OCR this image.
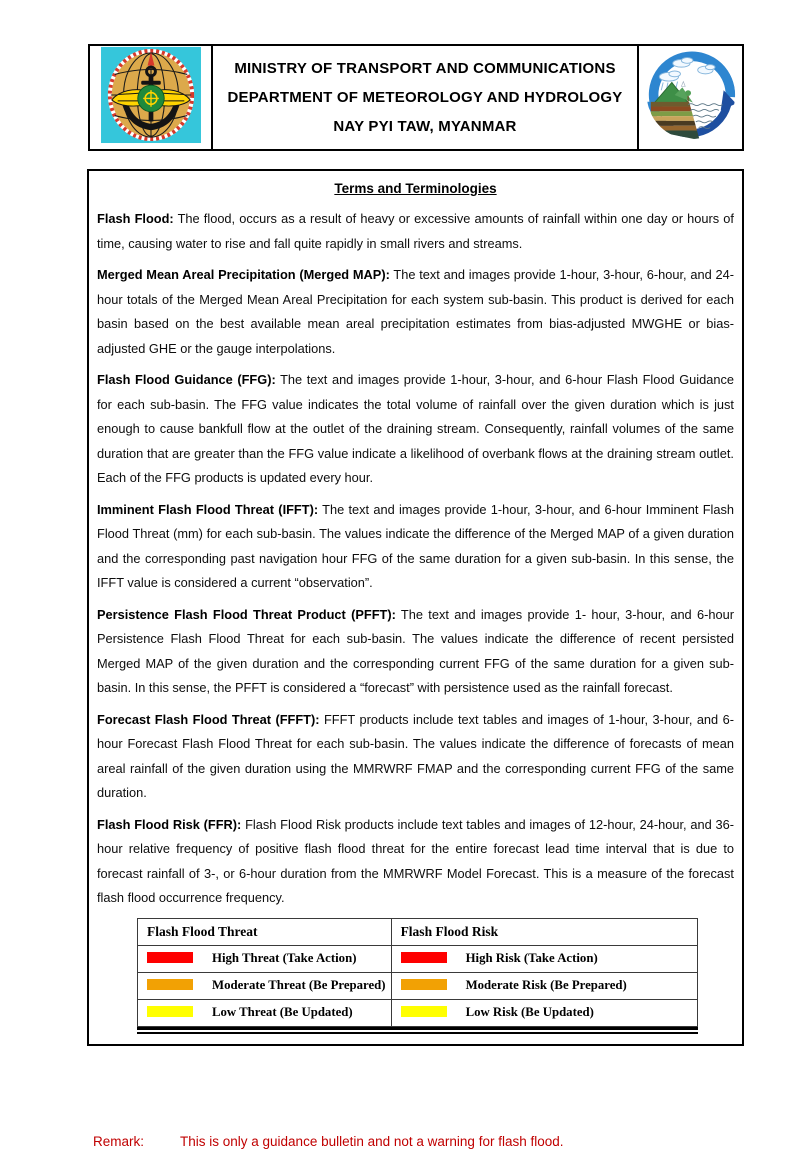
MINISTRY OF TRANSPORT AND COMMUNICATIONS
DEPARTMENT OF METEOROLOGY AND HYDROLOGY
NAY PYI TAW, MYANMAR

Terms and Terminologies

Flash Flood: The flood, occurs as a result of heavy or excessive amounts of rainfall within one day or hours of time, causing water to rise and fall quite rapidly in small rivers and streams.

Merged Mean Areal Precipitation (Merged MAP): The text and images provide 1-hour, 3-hour, 6-hour, and 24-hour totals of the Merged Mean Areal Precipitation for each system sub-basin. This product is derived for each basin based on the best available mean areal precipitation estimates from bias-adjusted MWGHE or bias-adjusted GHE or the gauge interpolations.

Flash Flood Guidance (FFG): The text and images provide 1-hour, 3-hour, and 6-hour Flash Flood Guidance for each sub-basin. The FFG value indicates the total volume of rainfall over the given duration which is just enough to cause bankfull flow at the outlet of the draining stream. Consequently, rainfall volumes of the same duration that are greater than the FFG value indicate a likelihood of overbank flows at the draining stream outlet. Each of the FFG products is updated every hour.

Imminent Flash Flood Threat (IFFT): The text and images provide 1-hour, 3-hour, and 6-hour Imminent Flash Flood Threat (mm) for each sub-basin. The values indicate the difference of the Merged MAP of a given duration and the corresponding past navigation hour FFG of the same duration for a given sub-basin. In this sense, the IFFT value is considered a current “observation”.

Persistence Flash Flood Threat Product (PFFT): The text and images provide 1- hour, 3-hour, and 6-hour Persistence Flash Flood Threat for each sub-basin. The values indicate the difference of recent persisted Merged MAP of the given duration and the corresponding current FFG of the same duration for a given sub-basin. In this sense, the PFFT is considered a “forecast” with persistence used as the rainfall forecast.

Forecast Flash Flood Threat (FFFT): FFFT products include text tables and images of 1-hour, 3-hour, and 6-hour Forecast Flash Flood Threat for each sub-basin. The values indicate the difference of forecasts of mean areal rainfall of the given duration using the MMRWRF FMAP and the corresponding current FFG of the same duration.

Flash Flood Risk (FFR): Flash Flood Risk products include text tables and images of 12-hour, 24-hour, and 36-hour relative frequency of positive flash flood threat for the entire forecast lead time interval that is due to forecast rainfall of 3-, or 6-hour duration from the MMRWRF Model Forecast. This is a measure of the forecast flash flood occurrence frequency.

Flash Flood Threat	Flash Flood Risk
High Threat (Take Action)	High Risk (Take Action)
Moderate Threat (Be Prepared)	Moderate Risk (Be Prepared)
Low Threat (Be Updated)	Low Risk (Be Updated)
Remark:	This is only a guidance bulletin and not a warning for flash flood.
